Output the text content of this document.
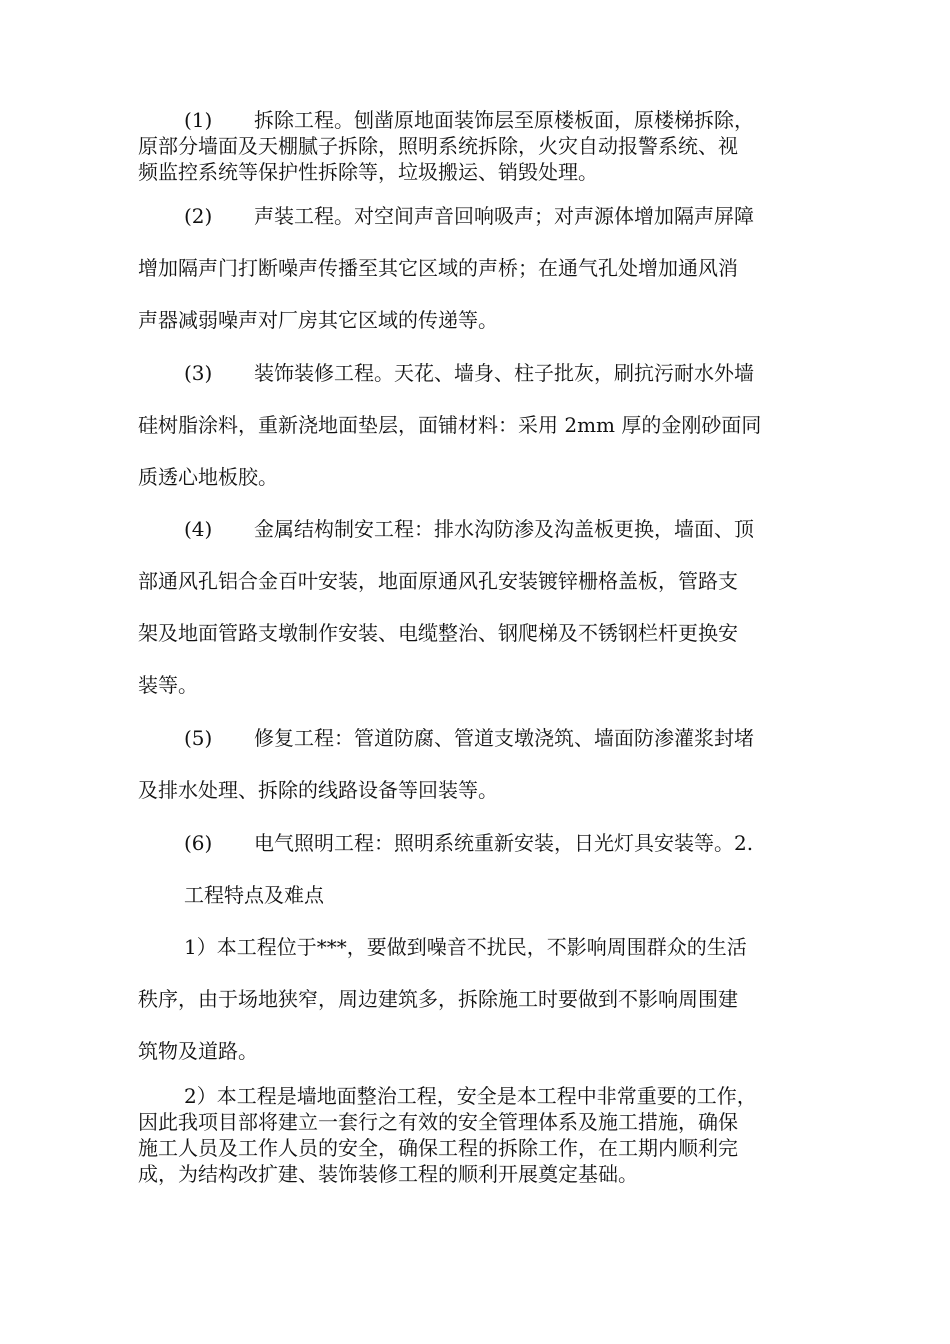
(1) 拆除工程。刨凿原地面装饰层至原楼板面，原楼梯拆除，
原部分墙面及天棚腻子拆除，照明系统拆除，火灾自动报警系统、视
频监控系统等保护性拆除等，垃圾搬运、销毁处理。
(2) 声装工程。对空间声音回响吸声；对声源体增加隔声屏障
增加隔声门打断噪声传播至其它区域的声桥；在通气孔处增加通风消
声器减弱噪声对厂房其它区域的传递等。
(3) 装饰装修工程。天花、墙身、柱子批灰，刷抗污耐水外墙
硅树脂涂料，重新浇地面垫层，面铺材料：采用 2mm 厚的金刚砂面同
质透心地板胶。
(4) 金属结构制安工程：排水沟防渗及沟盖板更换，墙面、顶
部通风孔铝合金百叶安装，地面原通风孔安装镀锌栅格盖板，管路支
架及地面管路支墩制作安装、电缆整治、钢爬梯及不锈钢栏杆更换安
装等。
(5) 修复工程：管道防腐、管道支墩浇筑、墙面防渗灌浆封堵
及排水处理、拆除的线路设备等回装等。
(6) 电气照明工程：照明系统重新安装，日光灯具安装等。2.
工程特点及难点
1）本工程位于***，要做到噪音不扰民，不影响周围群众的生活
秩序，由于场地狭窄，周边建筑多，拆除施工时要做到不影响周围建
筑物及道路。
2）本工程是墙地面整治工程，安全是本工程中非常重要的工作，
因此我项目部将建立一套行之有效的安全管理体系及施工措施，确保
施工人员及工作人员的安全，确保工程的拆除工作，在工期内顺利完
成，为结构改扩建、装饰装修工程的顺利开展奠定基础。
